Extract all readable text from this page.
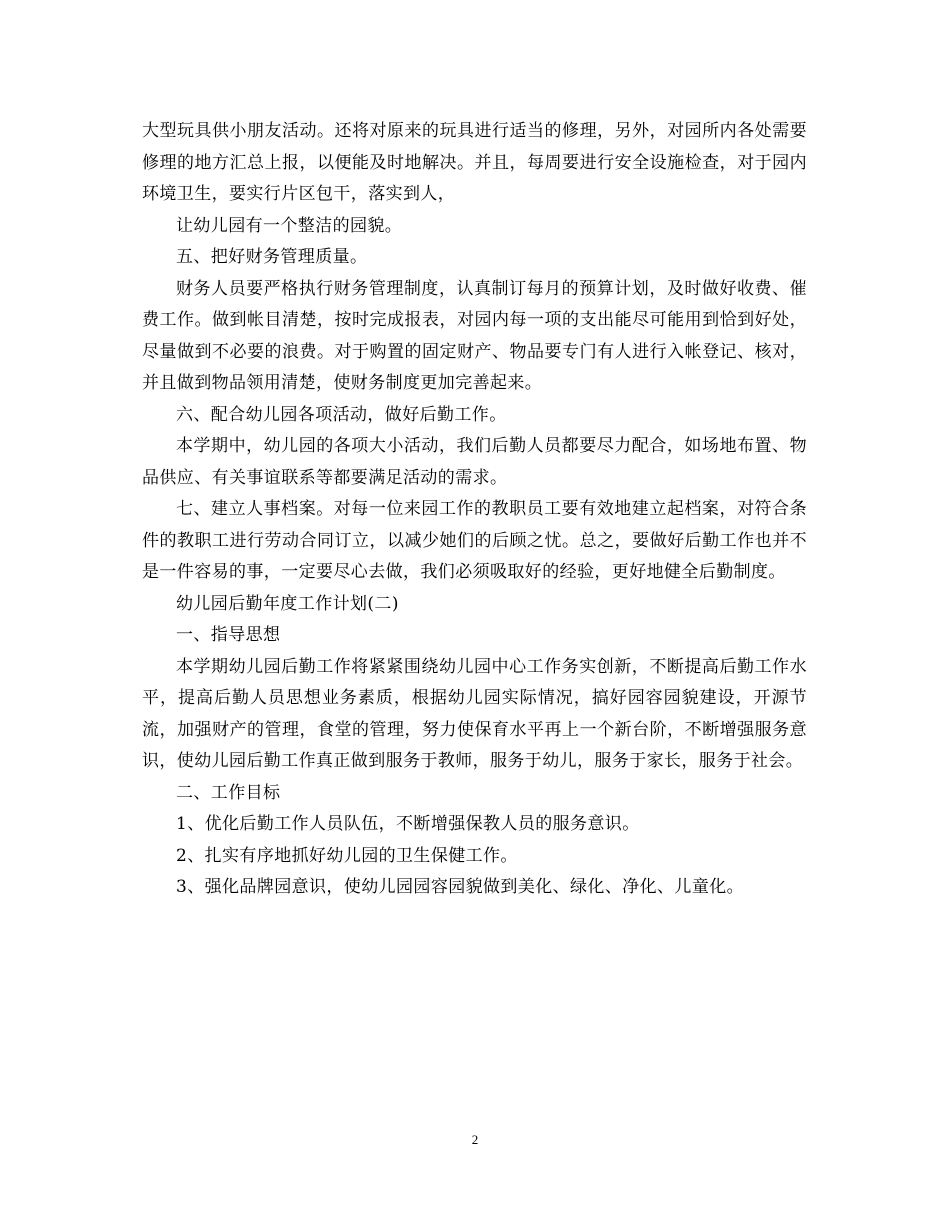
大型玩具供小朋友活动。还将对原来的玩具进行适当的修理，另外，对园所内各处需要修理的地方汇总上报，以便能及时地解决。并且，每周要进行安全设施检查，对于园内环境卫生，要实行片区包干，落实到人，

让幼儿园有一个整洁的园貌。

五、把好财务管理质量。

财务人员要严格执行财务管理制度，认真制订每月的预算计划，及时做好收费、催费工作。做到帐目清楚，按时完成报表，对园内每一项的支出能尽可能用到恰到好处，尽量做到不必要的浪费。对于购置的固定财产、物品要专门有人进行入帐登记、核对，并且做到物品领用清楚，使财务制度更加完善起来。

六、配合幼儿园各项活动，做好后勤工作。

本学期中，幼儿园的各项大小活动，我们后勤人员都要尽力配合，如场地布置、物品供应、有关事谊联系等都要满足活动的需求。

七、建立人事档案。对每一位来园工作的教职员工要有效地建立起档案，对符合条件的教职工进行劳动合同订立，以减少她们的后顾之忧。总之，要做好后勤工作也并不是一件容易的事，一定要尽心去做，我们必须吸取好的经验，更好地健全后勤制度。

幼儿园后勤年度工作计划(二)

一、指导思想

本学期幼儿园后勤工作将紧紧围绕幼儿园中心工作务实创新，不断提高后勤工作水平，提高后勤人员思想业务素质，根据幼儿园实际情况，搞好园容园貌建设，开源节流，加强财产的管理，食堂的管理，努力使保育水平再上一个新台阶，不断增强服务意识，使幼儿园后勤工作真正做到服务于教师，服务于幼儿，服务于家长，服务于社会。

二、工作目标

1、优化后勤工作人员队伍，不断增强保教人员的服务意识。

2、扎实有序地抓好幼儿园的卫生保健工作。

3、强化品牌园意识，使幼儿园园容园貌做到美化、绿化、净化、儿童化。

2
